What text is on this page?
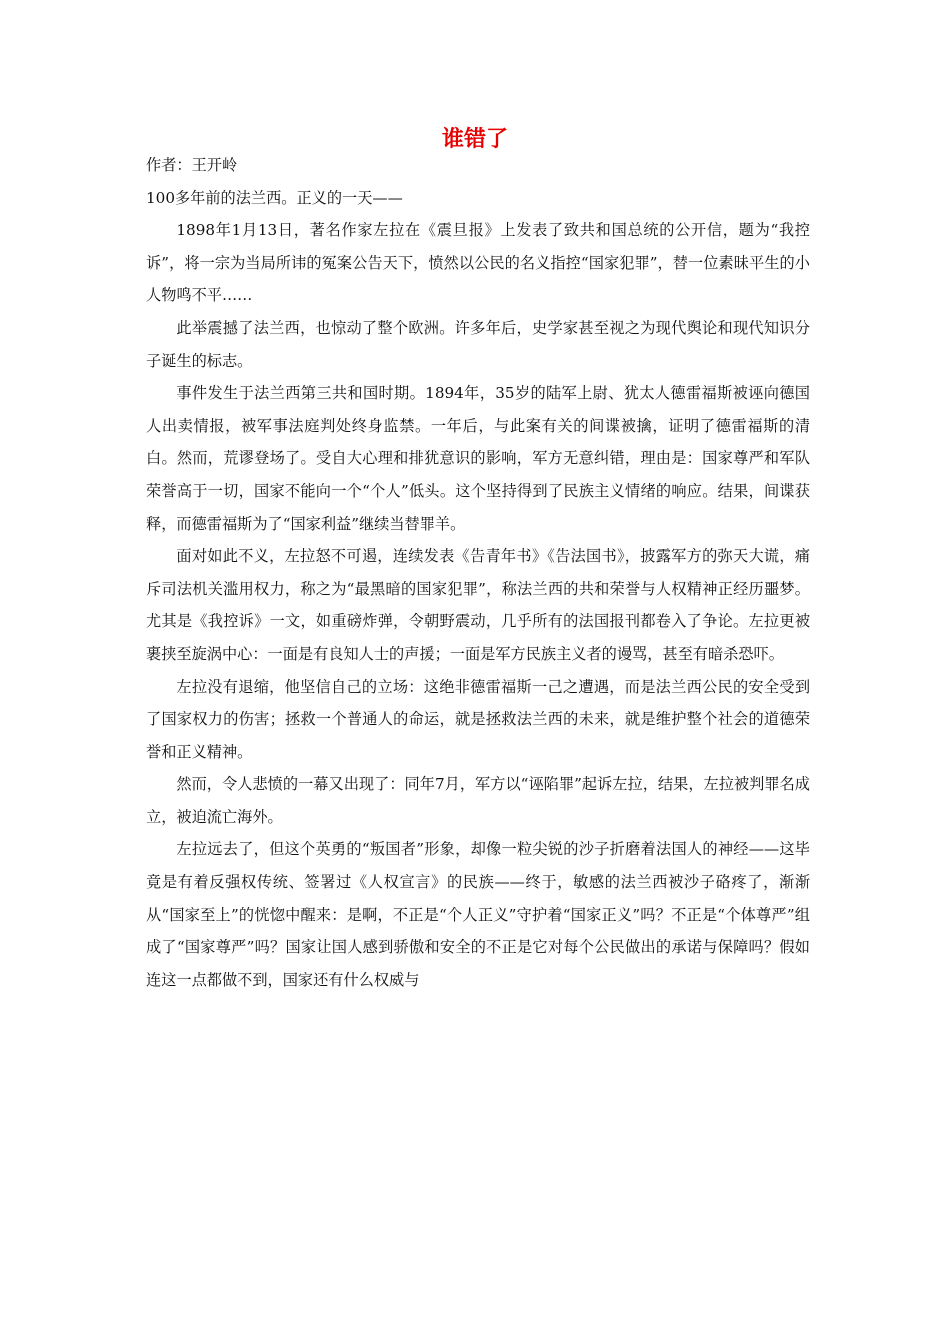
谁错了

作者：王开岭

100多年前的法兰西。正义的一天——

1898年1月13日，著名作家左拉在《震旦报》上发表了致共和国总统的公开信，题为“我控诉”，将一宗为当局所讳的冤案公告天下，愤然以公民的名义指控“国家犯罪”，替一位素昧平生的小人物鸣不平……

此举震撼了法兰西，也惊动了整个欧洲。许多年后，史学家甚至视之为现代舆论和现代知识分子诞生的标志。

事件发生于法兰西第三共和国时期。1894年，35岁的陆军上尉、犹太人德雷福斯被诬向德国人出卖情报，被军事法庭判处终身监禁。一年后，与此案有关的间谍被擒，证明了德雷福斯的清白。然而，荒谬登场了。受自大心理和排犹意识的影响，军方无意纠错，理由是：国家尊严和军队荣誉高于一切，国家不能向一个“个人”低头。这个坚持得到了民族主义情绪的响应。结果，间谍获释，而德雷福斯为了“国家利益”继续当替罪羊。

面对如此不义，左拉怒不可遏，连续发表《告青年书》《告法国书》，披露军方的弥天大谎，痛斥司法机关滥用权力，称之为“最黑暗的国家犯罪”，称法兰西的共和荣誉与人权精神正经历噩梦。尤其是《我控诉》一文，如重磅炸弹，令朝野震动，几乎所有的法国报刊都卷入了争论。左拉更被裹挟至旋涡中心：一面是有良知人士的声援；一面是军方民族主义者的谩骂，甚至有暗杀恐吓。

左拉没有退缩，他坚信自己的立场：这绝非德雷福斯一己之遭遇，而是法兰西公民的安全受到了国家权力的伤害；拯救一个普通人的命运，就是拯救法兰西的未来，就是维护整个社会的道德荣誉和正义精神。

然而，令人悲愤的一幕又出现了：同年7月，军方以“诬陷罪”起诉左拉，结果，左拉被判罪名成立，被迫流亡海外。

左拉远去了，但这个英勇的“叛国者”形象，却像一粒尖锐的沙子折磨着法国人的神经——这毕竟是有着反强权传统、签署过《人权宣言》的民族——终于，敏感的法兰西被沙子硌疼了，渐渐从“国家至上”的恍惚中醒来：是啊，不正是“个人正义”守护着“国家正义”吗？不正是“个体尊严”组成了“国家尊严”吗？国家让国人感到骄傲和安全的不正是它对每个公民做出的承诺与保障吗？假如连这一点都做不到，国家还有什么权威与
